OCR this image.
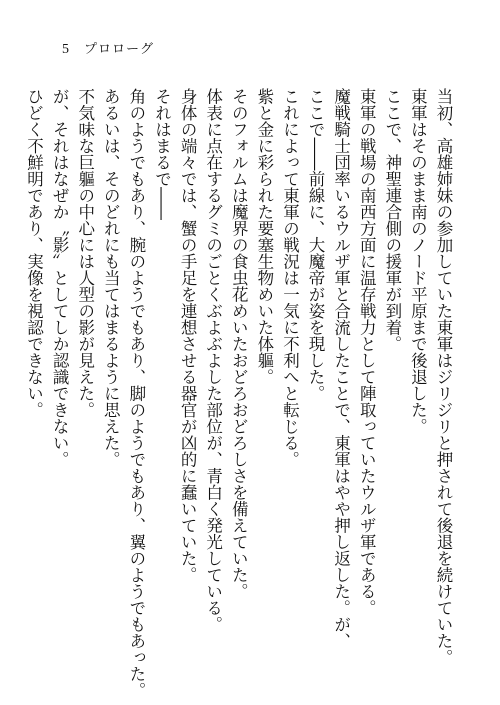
5 プロローグ
当初、高雄姉妹の参加していた東軍はジリジリと押されて後退を続けていた。
東軍はそのまま南のノード平原まで後退した。
ここで、神聖連合側の援軍が到着。
東軍の戦場の南西方面に温存戦力として陣取っていたウルザ軍である。
魔戦騎士団率いるウルザ軍と合流したことで、東軍はやや押し返した。が、
ここで――前線に、大魔帝が姿を現した。
これによって東軍の戦況は一気に不利へと転じる。
紫と金に彩られた要塞生物めいた体軀。
そのフォルムは魔界の食虫花めいたおどろおどろしさを備えていた。
体表に点在するグミのごとくぶよぶよした部位が、青白く発光している。
身体の端々では、蟹の手足を連想させる器官が凶的に蠢いていた。
それはまるで――
角のようでもあり、腕のようでもあり、脚のようでもあり、翼のようでもあった。
あるいは、そのどれにも当てはまるように思えた。
不気味な巨軀の中心には人型の影が見えた。
が、それはなぜか〝影〟としてしか認識できない。
ひどく不鮮明であり、実像を視認できない。
